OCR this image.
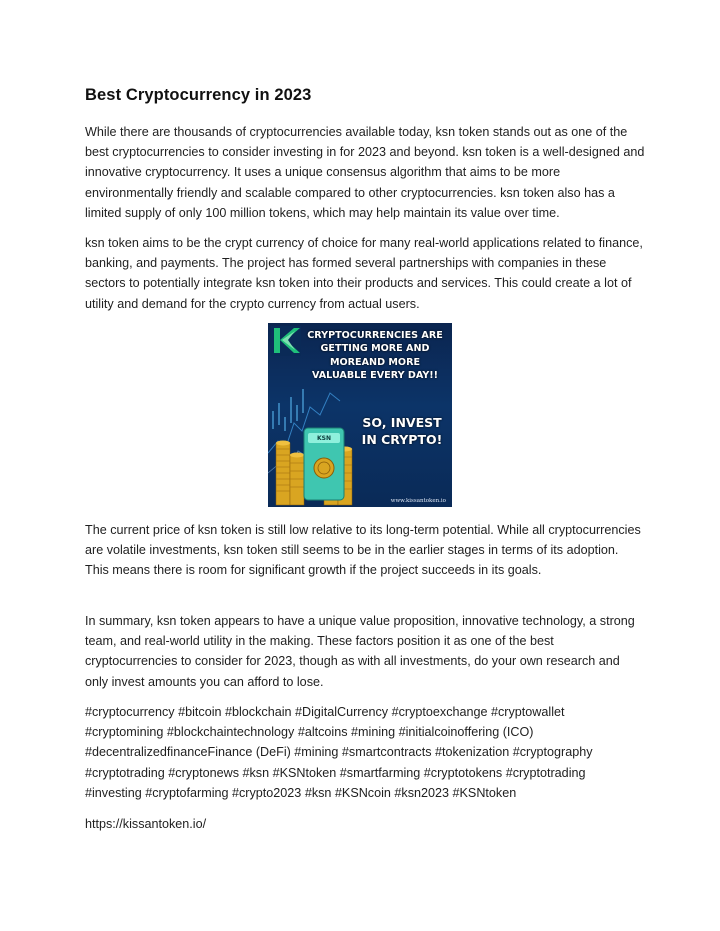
Best Cryptocurrency in 2023

While there are thousands of cryptocurrencies available today, ksn token stands out as one of the best cryptocurrencies to consider investing in for 2023 and beyond. ksn token is a well-designed and innovative cryptocurrency. It uses a unique consensus algorithm that aims to be more environmentally friendly and scalable compared to other cryptocurrencies. ksn token also has a limited supply of only 100 million tokens, which may help maintain its value over time.

ksn token aims to be the crypt currency of choice for many real-world applications related to finance, banking, and payments. The project has formed several partnerships with companies in these sectors to potentially integrate ksn token into their products and services. This could create a lot of utility and demand for the crypto currency from actual users.

KSN
CRYPTOCURRENCIES ARE GETTING MORE AND MOREAND MORE VALUABLE EVERY DAY!!
SO, INVEST IN CRYPTO!
www.kissantoken.io

The current price of ksn token is still low relative to its long-term potential. While all cryptocurrencies are volatile investments, ksn token still seems to be in the earlier stages in terms of its adoption. This means there is room for significant growth if the project succeeds in its goals.

In summary, ksn token appears to have a unique value proposition, innovative technology, a strong team, and real-world utility in the making. These factors position it as one of the best cryptocurrencies to consider for 2023, though as with all investments, do your own research and only invest amounts you can afford to lose.

#cryptocurrency #bitcoin #blockchain #DigitalCurrency #cryptoexchange #cryptowallet #cryptomining #blockchaintechnology #altcoins #mining #initialcoinoffering (ICO) #decentralizedfinanceFinance (DeFi) #mining #smartcontracts #tokenization #cryptography #cryptotrading #cryptonews #ksn #KSNtoken #smartfarming #cryptotokens #cryptotrading #investing #cryptofarming #crypto2023 #ksn #KSNcoin #ksn2023 #KSNtoken

https://kissantoken.io/
